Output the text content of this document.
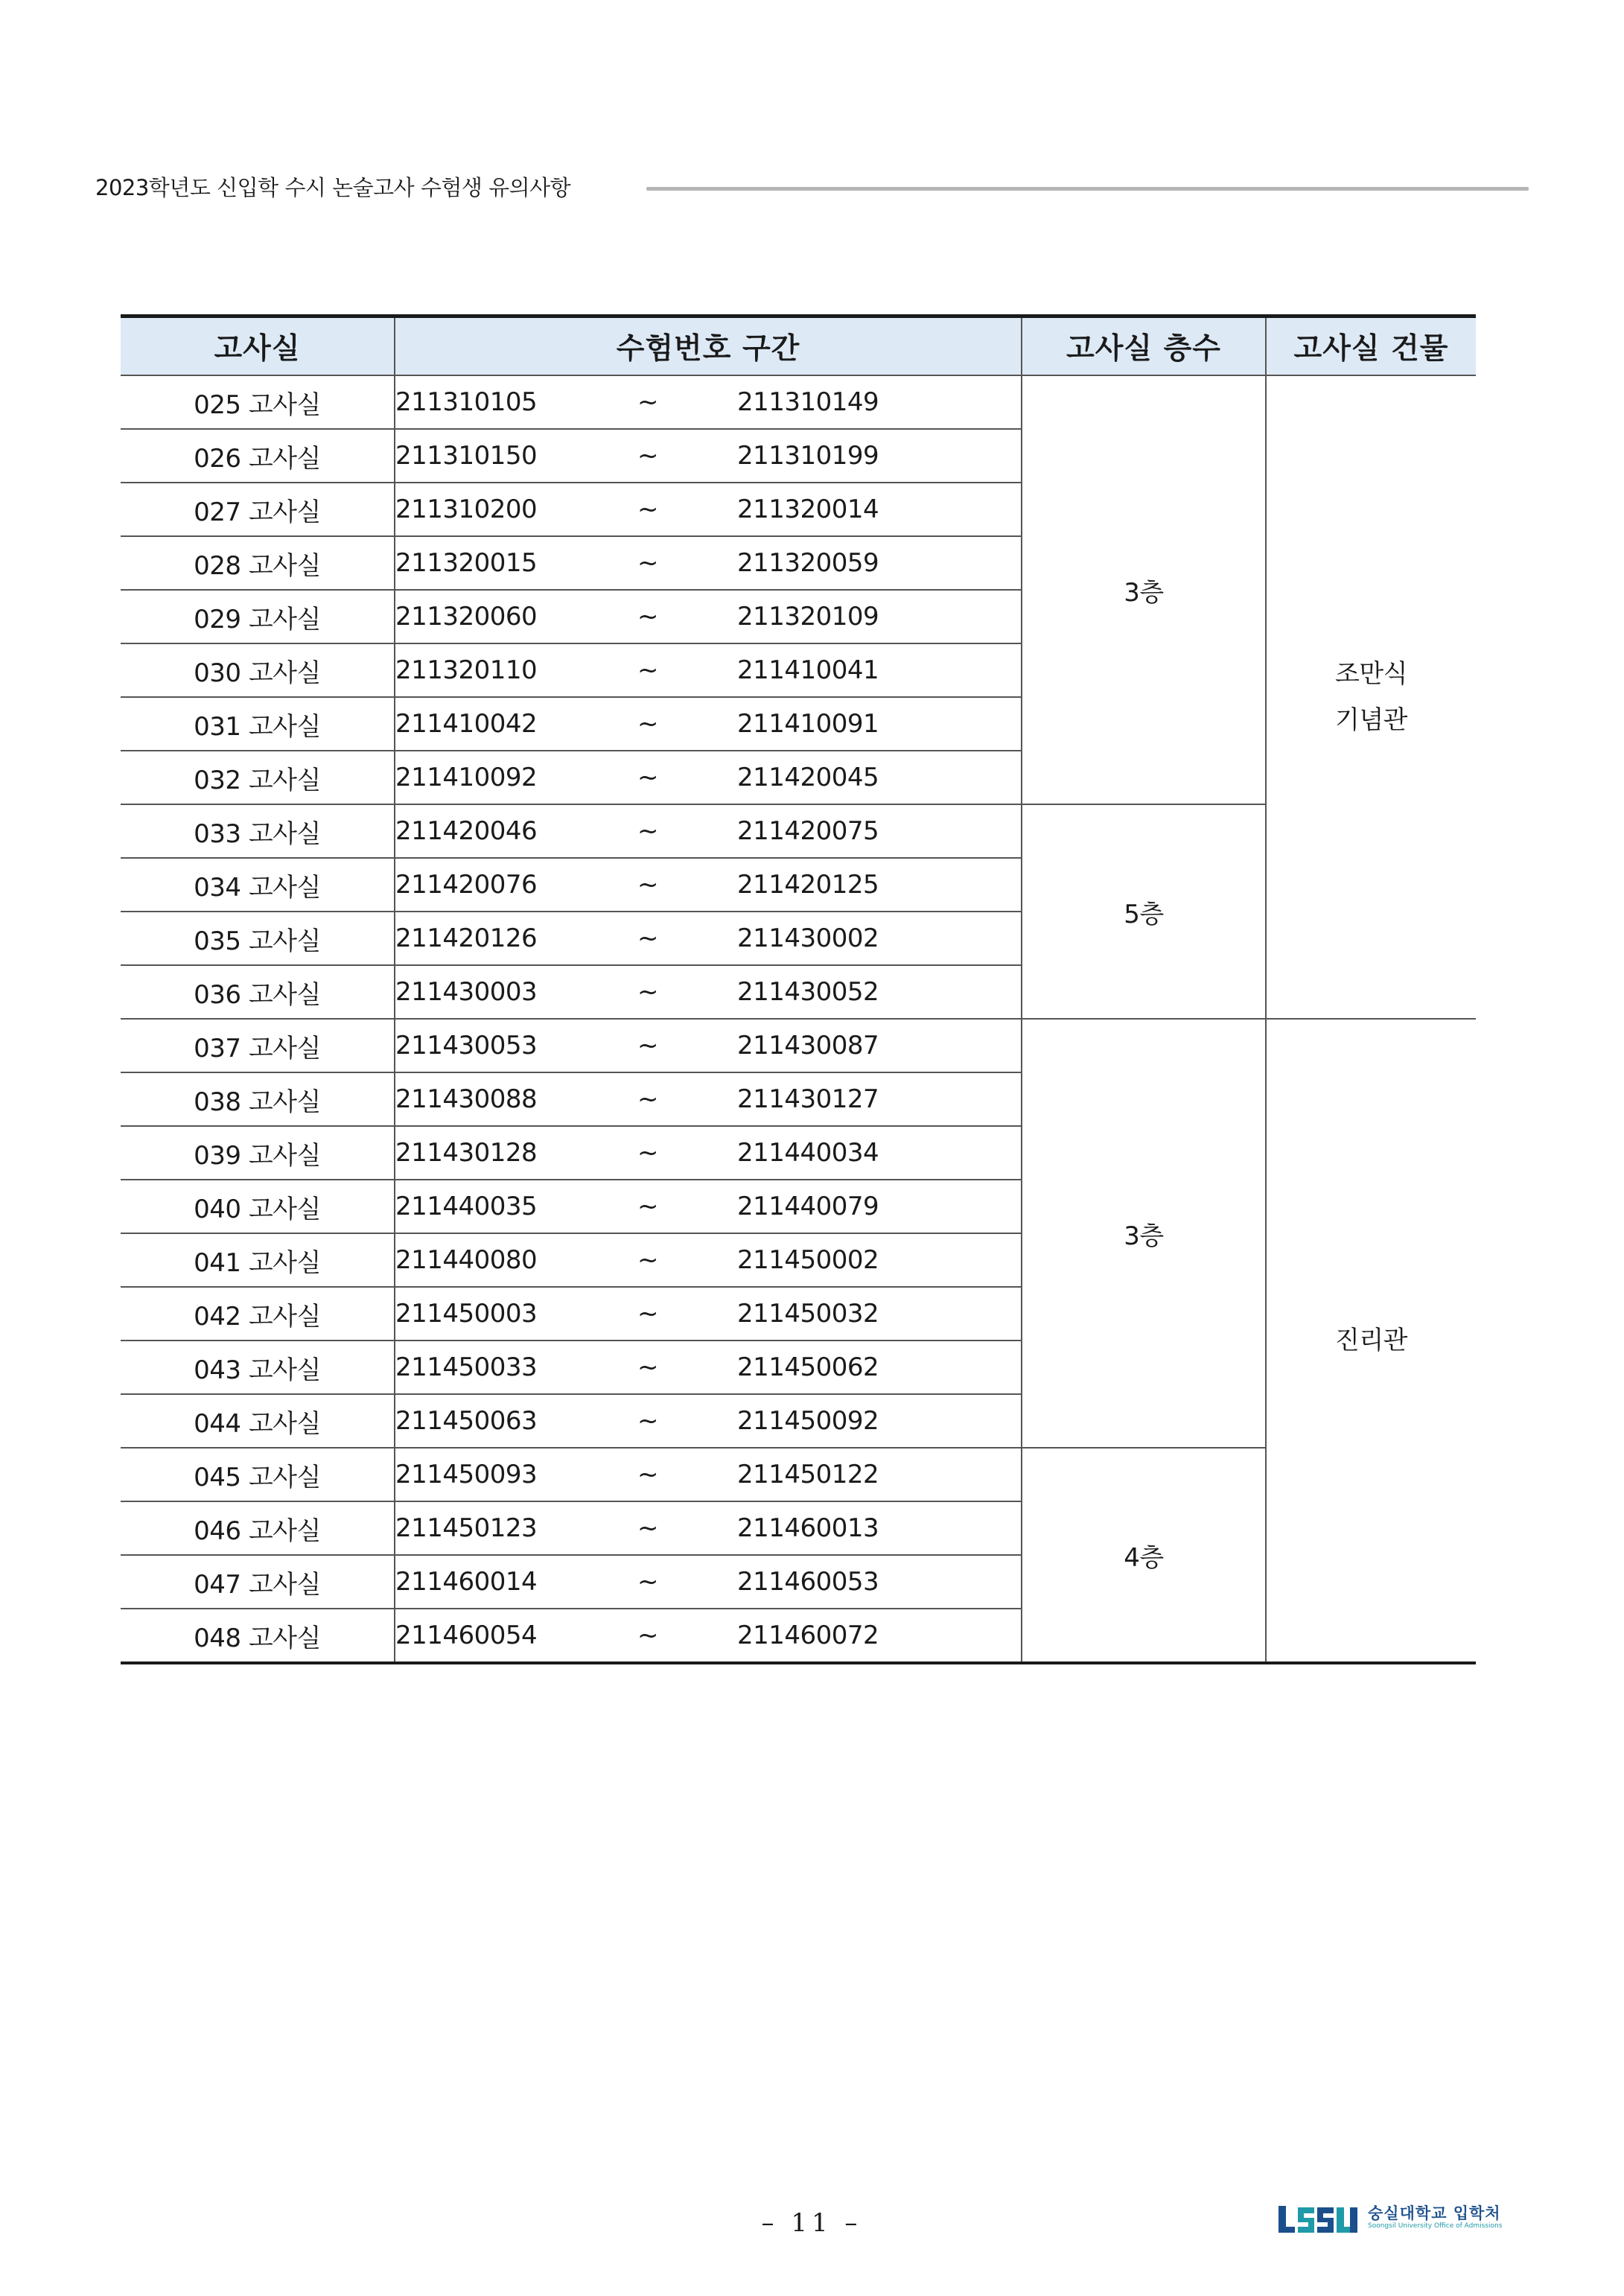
2023학년도 신입학 수시 논술고사 수험생 유의사항
고사실	수험번호 구간			고사실 층수	고사실 건물
025 고사실	211310105	~	211310149	3층	조만식
기념관

026 고사실	211310150	~	211310199		
027 고사실	211310200	~	211320014		
028 고사실	211320015	~	211320059		
029 고사실	211320060	~	211320109		
030 고사실	211320110	~	211410041		
031 고사실	211410042	~	211410091		
032 고사실	211410092	~	211420045		
033 고사실	211420046	~	211420075	5층	
034 고사실	211420076	~	211420125		
035 고사실	211420126	~	211430002		
036 고사실	211430003	~	211430052		
037 고사실	211430053	~	211430087	3층	진리관

038 고사실	211430088	~	211430127		
039 고사실	211430128	~	211440034		
040 고사실	211440035	~	211440079		
041 고사실	211440080	~	211450002		
042 고사실	211450003	~	211450032		
043 고사실	211450033	~	211450062		
044 고사실	211450063	~	211450092		
045 고사실	211450093	~	211450122	4층	
046 고사실	211450123	~	211460013		
047 고사실	211460014	~	211460053		
048 고사실	211460054	~	211460072		
– 11 –	숭실대학교 입학처
Soongsil University Office of Admissions
